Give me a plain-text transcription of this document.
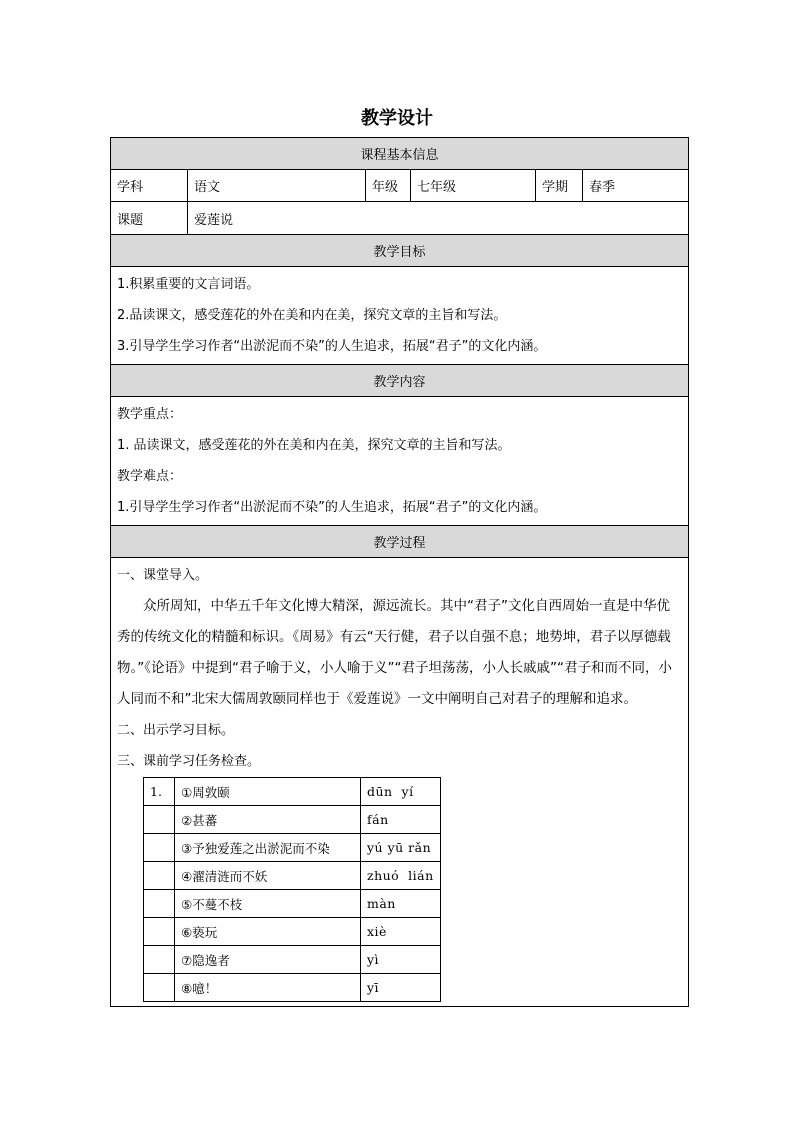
教学设计
课程基本信息
学科	语文	年级	七年级	学期	春季
课题	爱莲说
教学目标

1.积累重要的文言词语。
2.品读课文，感受莲花的外在美和内在美，探究文章的主旨和写法。
3.引导学生学习作者“出淤泥而不染”的人生追求，拓展“君子”的文化内涵。

教学内容

教学重点：
1. 品读课文，感受莲花的外在美和内在美，探究文章的主旨和写法。
教学难点：
1.引导学生学习作者“出淤泥而不染”的人生追求，拓展“君子”的文化内涵。

教学过程

一、课堂导入。

众所周知，中华五千年文化博大精深，源远流长。其中“君子”文化自西周始一直是中华优秀的传统文化的精髓和标识。《周易》有云“天行健，君子以自强不息；地势坤，君子以厚德载物。”《论语》中提到“君子喻于义，小人喻于义”“君子坦荡荡，小人长戚戚”“君子和而不同，小人同而不和”北宋大儒周敦颐同样也于《爱莲说》一文中阐明自己对君子的理解和追求。

二、出示学习目标。

三、课前学习任务检查。

1.	①周敦颐	dūn  yí
	②甚蕃	fán
	③予独爱莲之出淤泥而不染	yú yū rǎn
	④濯清涟而不妖	zhuó  lián
	⑤不蔓不枝	màn
	⑥亵玩	xiè
	⑦隐逸者	yì
	⑧噫！	yī
